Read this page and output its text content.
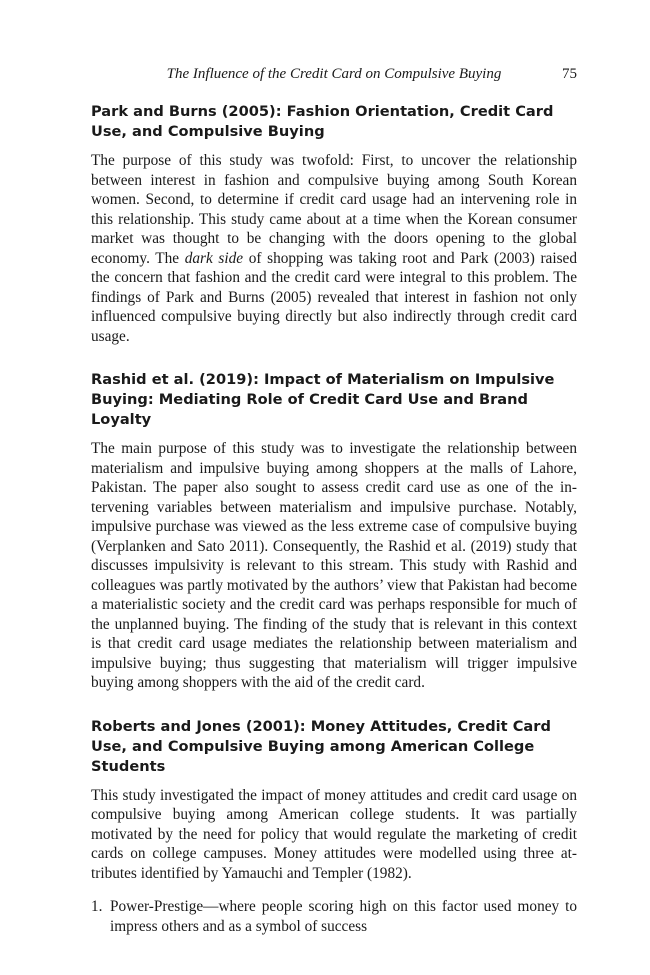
The Influence of the Credit Card on Compulsive Buying	75
Park and Burns (2005): Fashion Orientation, Credit Card Use, and Compulsive Buying

The purpose of this study was twofold: First, to uncover the relationship between interest in fashion and compulsive buying among South Korean women. Second, to determine if credit card usage had an intervening role in this relationship. This study came about at a time when the Korean consumer market was thought to be changing with the doors opening to the global economy. The dark side of shopping was taking root and Park (2003) raised the concern that fashion and the credit card were integral to this problem. The findings of Park and Burns (2005) revealed that interest in fashion not only influenced compulsive buying directly but also indirectly through credit card usage.

Rashid et al. (2019): Impact of Materialism on Impulsive Buying: Mediating Role of Credit Card Use and Brand Loyalty

The main purpose of this study was to investigate the relationship between materialism and impulsive buying among shoppers at the malls of Lahore, Pakistan. The paper also sought to assess credit card use as one of the intervening variables between materialism and impulsive purchase. Notably, impulsive purchase was viewed as the less extreme case of compulsive buying (Verplanken and Sato 2011). Consequently, the Rashid et al. (2019) study that discusses impulsivity is relevant to this stream. This study with Rashid and colleagues was partly motivated by the authors’ view that Pakistan had become a materialistic society and the credit card was perhaps responsible for much of the unplanned buying. The finding of the study that is relevant in this context is that credit card usage mediates the relationship between materialism and impulsive buying; thus suggesting that materialism will trigger impulsive buying among shoppers with the aid of the credit card.

Roberts and Jones (2001): Money Attitudes, Credit Card Use, and Compulsive Buying among American College Students

This study investigated the impact of money attitudes and credit card usage on compulsive buying among American college students. It was partially motivated by the need for policy that would regulate the marketing of credit cards on college campuses. Money attitudes were modelled using three attributes identified by Yamauchi and Templer (1982).

1. Power-Prestige—where people scoring high on this factor used money to impress others and as a symbol of success
